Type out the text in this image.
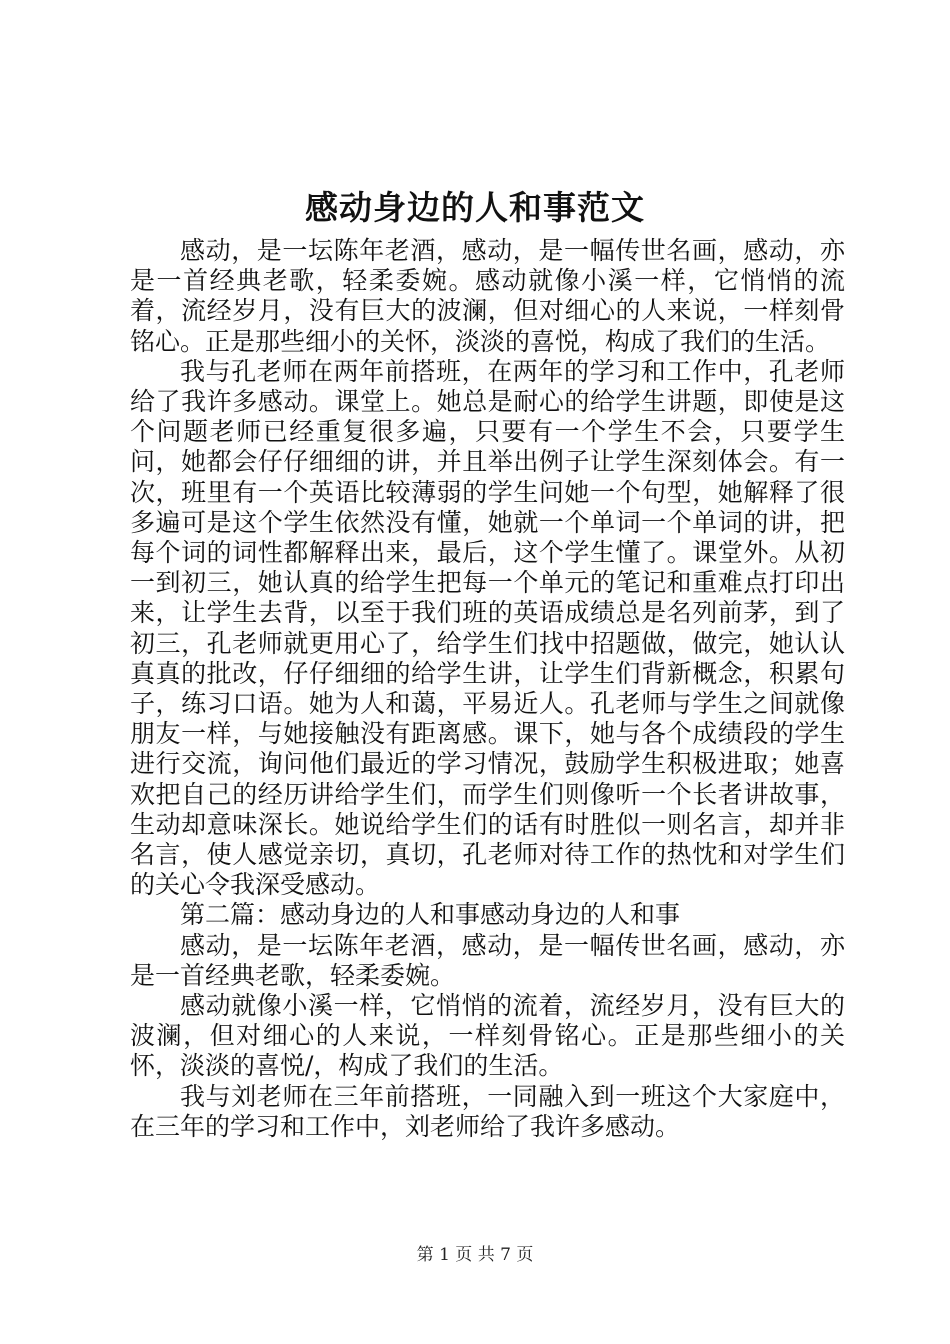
感动身边的人和事范文

感动，是一坛陈年老酒，感动，是一幅传世名画，感动，亦是一首经典老歌，轻柔委婉。感动就像小溪一样，它悄悄的流着，流经岁月，没有巨大的波澜，但对细心的人来说，一样刻骨铭心。正是那些细小的关怀，淡淡的喜悦，构成了我们的生活。

我与孔老师在两年前搭班，在两年的学习和工作中，孔老师给了我许多感动。课堂上。她总是耐心的给学生讲题，即使是这个问题老师已经重复很多遍，只要有一个学生不会，只要学生问，她都会仔仔细细的讲，并且举出例子让学生深刻体会。有一次，班里有一个英语比较薄弱的学生问她一个句型，她解释了很多遍可是这个学生依然没有懂，她就一个单词一个单词的讲，把每个词的词性都解释出来，最后，这个学生懂了。课堂外。从初一到初三，她认真的给学生把每一个单元的笔记和重难点打印出来，让学生去背，以至于我们班的英语成绩总是名列前茅，到了初三，孔老师就更用心了，给学生们找中招题做，做完，她认认真真的批改，仔仔细细的给学生讲，让学生们背新概念，积累句子，练习口语。她为人和蔼，平易近人。孔老师与学生之间就像朋友一样，与她接触没有距离感。课下，她与各个成绩段的学生进行交流，询问他们最近的学习情况，鼓励学生积极进取；她喜欢把自己的经历讲给学生们，而学生们则像听一个长者讲故事，生动却意味深长。她说给学生们的话有时胜似一则名言，却并非名言，使人感觉亲切，真切，孔老师对待工作的热忱和对学生们的关心令我深受感动。

第二篇：感动身边的人和事感动身边的人和事

感动，是一坛陈年老酒，感动，是一幅传世名画，感动，亦是一首经典老歌，轻柔委婉。

感动就像小溪一样，它悄悄的流着，流经岁月，没有巨大的波澜，但对细心的人来说，一样刻骨铭心。正是那些细小的关怀，淡淡的喜悦/，构成了我们的生活。

我与刘老师在三年前搭班，一同融入到一班这个大家庭中，在三年的学习和工作中，刘老师给了我许多感动。

第 1 页 共 7 页
